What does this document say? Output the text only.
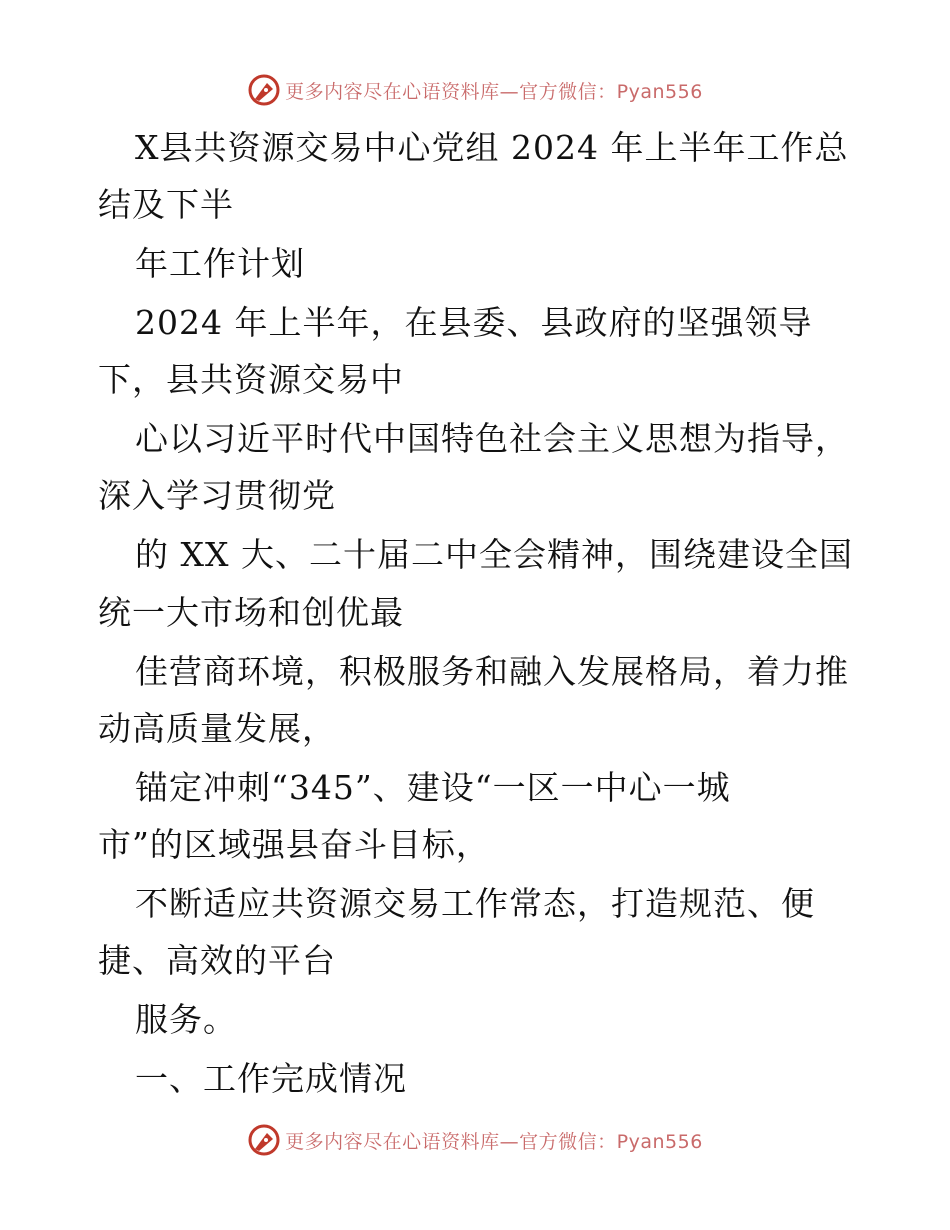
更多内容尽在心语资料库—官方微信：Pyan556
X县共资源交易中心党组 2024 年上半年工作总
结及下半
年工作计划
2024 年上半年，在县委、县政府的坚强领导
下，县共资源交易中
心以习近平时代中国特色社会主义思想为指导，
深入学习贯彻党
的 XX 大、二十届二中全会精神，围绕建设全国
统一大市场和创优最
佳营商环境，积极服务和融入发展格局，着力推
动高质量发展，
锚定冲刺“345”、建设“一区一中心一城
市”的区域强县奋斗目标，
不断适应共资源交易工作常态，打造规范、便
捷、高效的平台
服务。
一、工作完成情况
更多内容尽在心语资料库—官方微信：Pyan556
